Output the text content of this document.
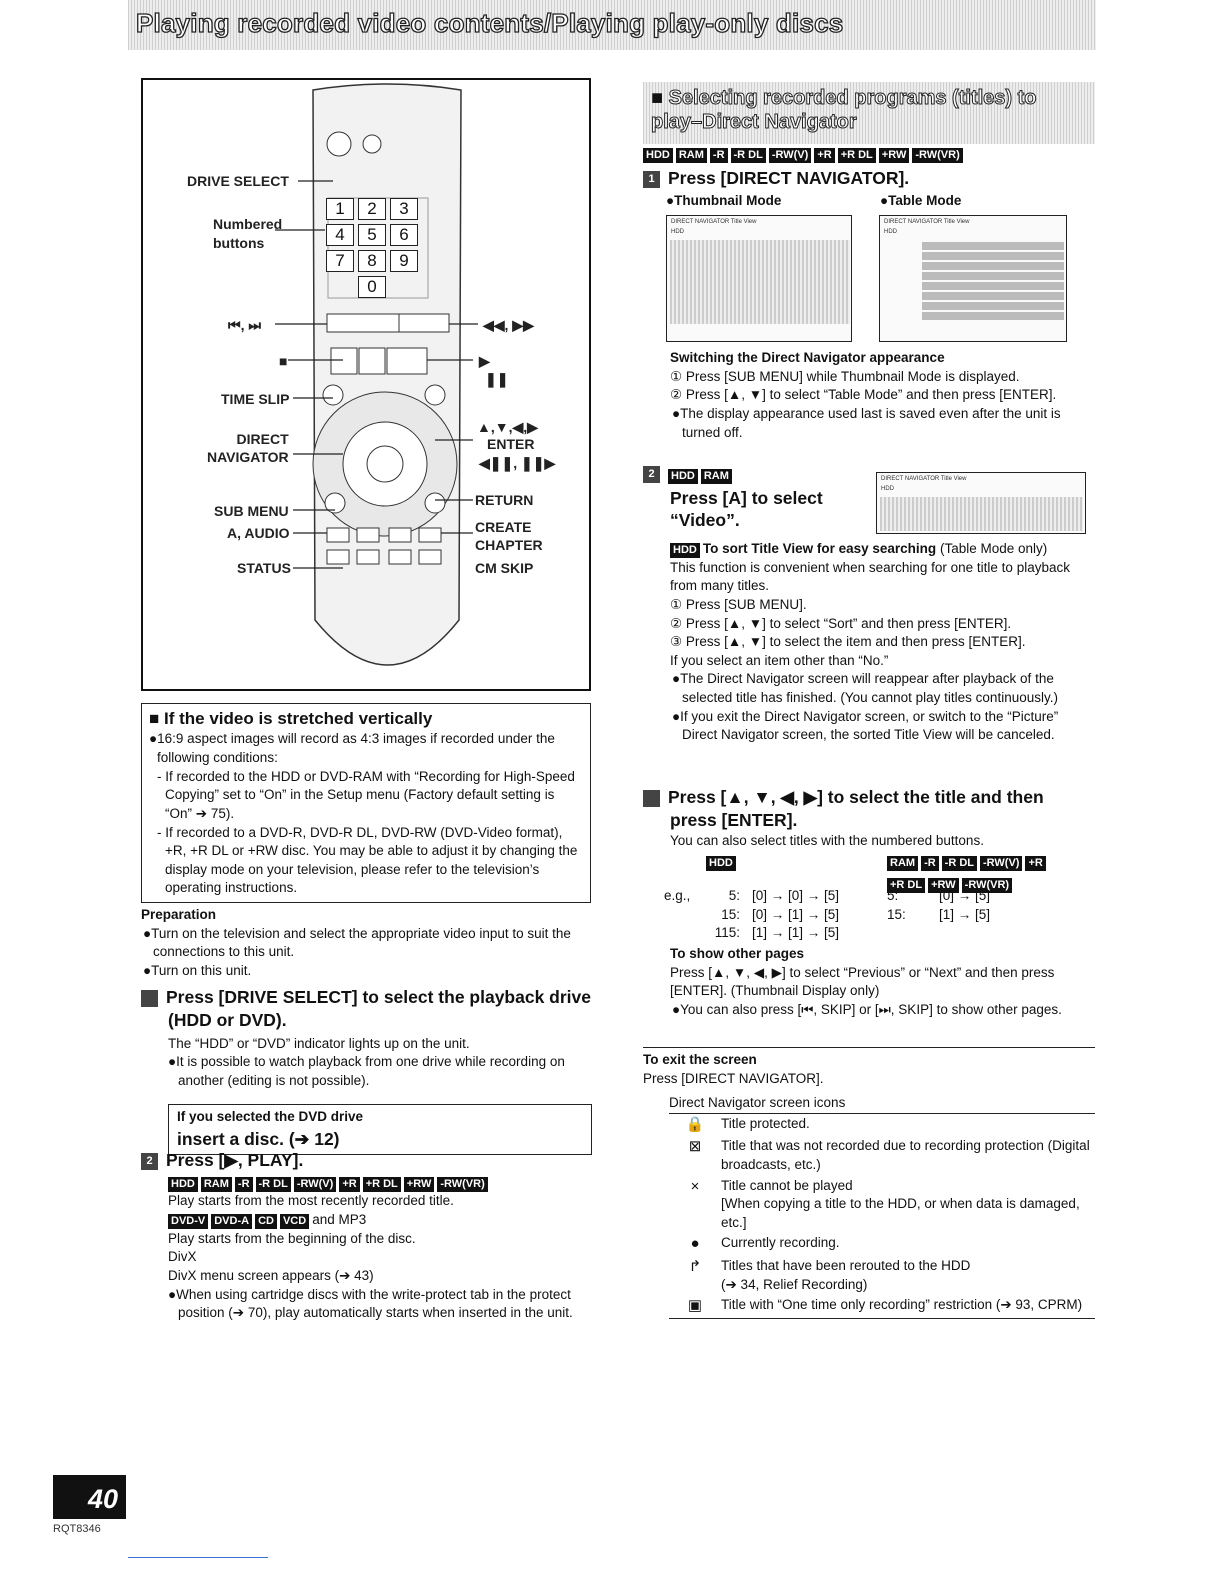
Playing recorded video contents/Playing play-only discs
1	2	3
4	5	6
7	8	9
0
DRIVE SELECT
Numbered
buttons
⏮, ⏭	◀◀, ▶▶
■	▶
❚❚
TIME SLIP
▲,▼,◀,▶
ENTER
◀❚❚, ❚❚▶
DIRECT
NAVIGATOR
RETURN
SUB MENU
CREATE
CHAPTER
A, AUDIO
STATUS	CM SKIP
■ If the video is stretched vertically
●16:9 aspect images will record as 4:3 images if recorded under the following conditions:
- If recorded to the HDD or DVD-RAM with “Recording for High-Speed Copying” set to “On” in the Setup menu (Factory default setting is “On” ➔ 75).
- If recorded to a DVD-R, DVD-R DL, DVD-RW (DVD-Video format), +R, +R DL or +RW disc. You may be able to adjust it by changing the display mode on your television, please refer to the television’s operating instructions.
Preparation
●Turn on the television and select the appropriate video input to suit the connections to this unit.
●Turn on this unit.
1 Press [DRIVE SELECT] to select the playback drive (HDD or DVD).
The “HDD” or “DVD” indicator lights up on the unit.
●It is possible to watch playback from one drive while recording on another (editing is not possible).
If you selected the DVD drive
insert a disc. (➔ 12)
2 Press [▶, PLAY].
HDD RAM -R -R DL -RW(V) +R +R DL +RW -RW(VR)
Play starts from the most recently recorded title.
DVD-V DVD-A CD VCD and MP3
Play starts from the beginning of the disc.
DivX
DivX menu screen appears (➔ 43)
●When using cartridge discs with the write-protect tab in the protect position (➔ 70), play automatically starts when inserted in the unit.
■ Selecting recorded programs (titles) to play–Direct Navigator
HDD RAM -R -R DL -RW(V) +R +R DL +RW -RW(VR)
1 Press [DIRECT NAVIGATOR].
●Thumbnail Mode	●Table Mode
DIRECT NAVIGATOR Title View
HDD
DIRECT NAVIGATOR Title View
HDD
Switching the Direct Navigator appearance
① Press [SUB MENU] while Thumbnail Mode is displayed.
② Press [▲, ▼] to select “Table Mode” and then press [ENTER].
●The display appearance used last is saved even after the unit is turned off.
2 HDD RAM
Press [A] to select “Video”.
DIRECT NAVIGATOR Title View
HDD
HDD To sort Title View for easy searching (Table Mode only)
This function is convenient when searching for one title to playback from many titles.
① Press [SUB MENU].
② Press [▲, ▼] to select “Sort” and then press [ENTER].
③ Press [▲, ▼] to select the item and then press [ENTER].
If you select an item other than “No.”
●The Direct Navigator screen will reappear after playback of the selected title has finished. (You cannot play titles continuously.)
●If you exit the Direct Navigator screen, or switch to the “Picture” Direct Navigator screen, the sorted Title View will be canceled.
3 Press [▲, ▼, ◀, ▶] to select the title and then press [ENTER].
You can also select titles with the numbered buttons.
HDD	RAM -R -R DL -RW(V) +R
+R DL +RW -RW(VR)
e.g.,	5: [0] → [0] → [5]
15: [0] → [1] → [5]
115: [1] → [1] → [5]
5:	[0] → [5]
15:	[1] → [5]
To show other pages
Press [▲, ▼, ◀, ▶] to select “Previous” or “Next” and then press [ENTER]. (Thumbnail Display only)
●You can also press [⏮, SKIP] or [⏭, SKIP] to show other pages.
To exit the screen
Press [DIRECT NAVIGATOR].
Direct Navigator screen icons
🔒	Title protected.
⊠	Title that was not recorded due to recording protection (Digital broadcasts, etc.)
×	Title cannot be played
[When copying a title to the HDD, or when data is damaged, etc.]
●	Currently recording.
↱	Titles that have been rerouted to the HDD
(➔ 34, Relief Recording)
▣	Title with “One time only recording” restriction (➔ 93, CPRM)
40
RQT8346
